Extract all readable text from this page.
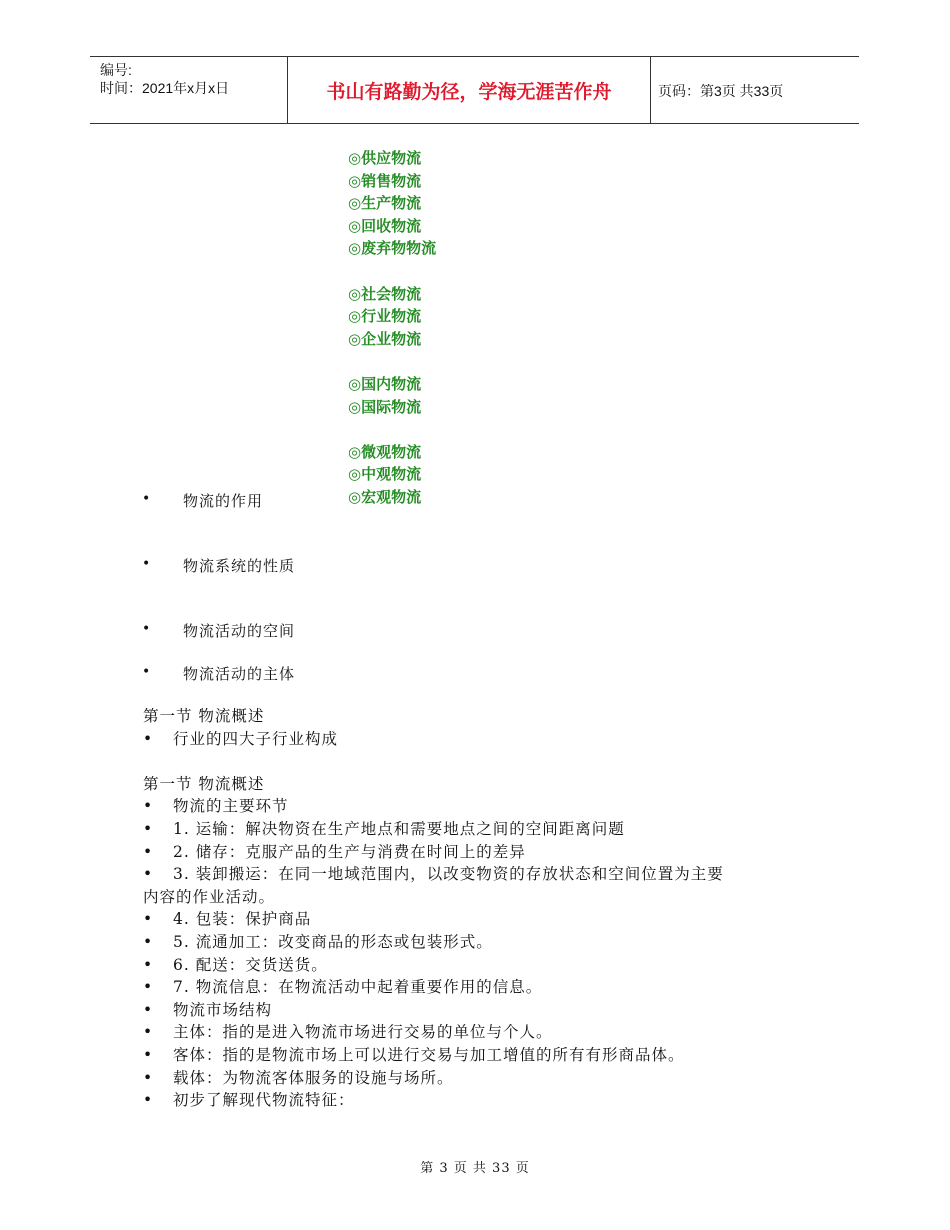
编号:
时间：2021年x月x日	书山有路勤为径，学海无涯苦作舟	页码：第3页 共33页
◎供应物流
◎销售物流
◎生产物流
◎回收物流
◎废弃物物流
◎社会物流
◎行业物流
◎企业物流
◎国内物流
◎国际物流
◎微观物流
◎中观物流
◎宏观物流
• 物流的作用
• 物流系统的性质
• 物流活动的空间
• 物流活动的主体
第一节 物流概述
• 行业的四大子行业构成
第一节 物流概述
• 物流的主要环节
• 1. 运输：解决物资在生产地点和需要地点之间的空间距离问题
• 2. 储存：克服产品的生产与消费在时间上的差异
• 3. 装卸搬运：在同一地域范围内，以改变物资的存放状态和空间位置为主要
内容的作业活动。
• 4. 包装：保护商品
• 5. 流通加工：改变商品的形态或包装形式。
• 6. 配送：交货送货。
• 7. 物流信息：在物流活动中起着重要作用的信息。
• 物流市场结构
• 主体：指的是进入物流市场进行交易的单位与个人。
• 客体：指的是物流市场上可以进行交易与加工增值的所有有形商品体。
• 载体：为物流客体服务的设施与场所。
• 初步了解现代物流特征：
第 3 页 共 33 页
